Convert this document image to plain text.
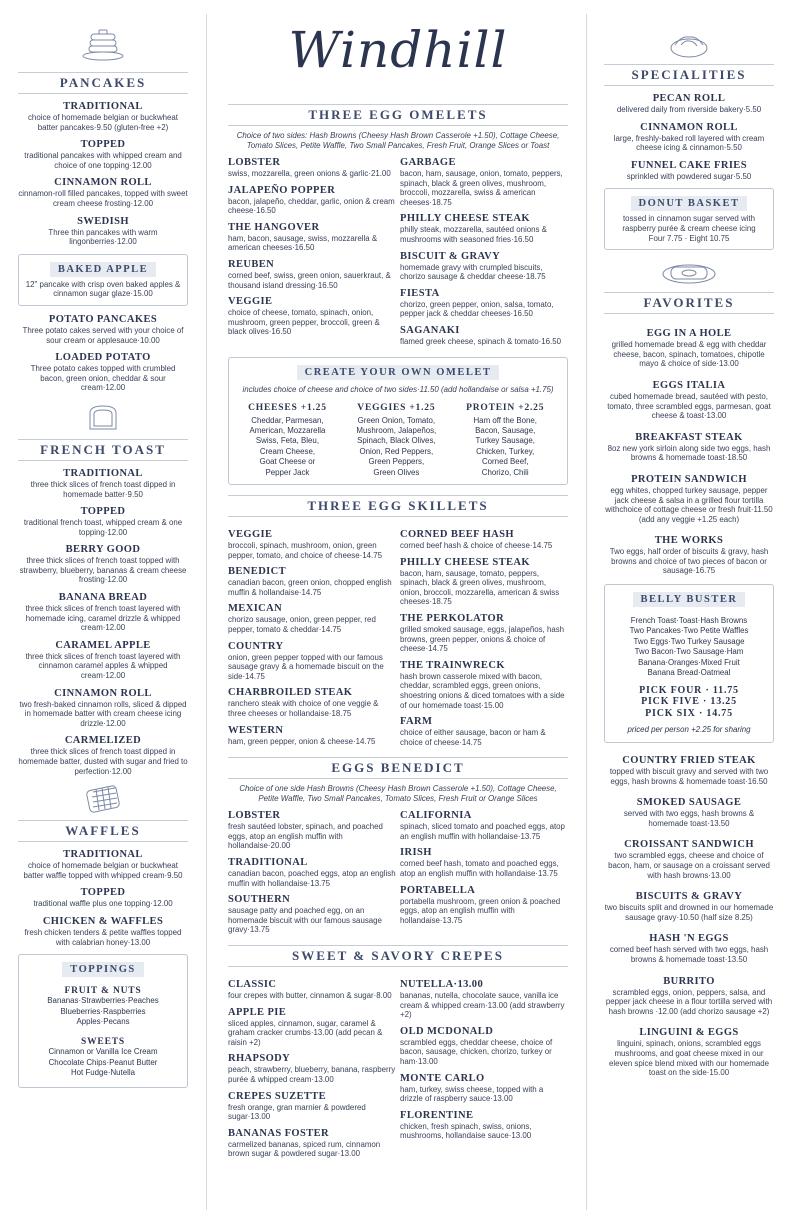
PANCAKES
TRADITIONAL
choice of homemade belgian or buckwheat batter pancakes·9.50 (gluten-free +2)
TOPPED
traditional pancakes with whipped cream and choice of one topping·12.00
CINNAMON ROLL
cinnamon-roll filled pancakes, topped with sweet cream cheese frosting·12.00
SWEDISH
Three thin pancakes with warm lingonberries·12.00
BAKED APPLE
12" pancake with crisp oven baked apples & cinnamon sugar glaze·15.00
POTATO PANCAKES
Three potato cakes served with your choice of sour cream or applesauce·10.00
LOADED POTATO
Three potato cakes topped with crumbled bacon, green onion, cheddar & sour cream·12.00
FRENCH TOAST
TRADITIONAL
three thick slices of french toast dipped in homemade batter·9.50
TOPPED
traditional french toast, whipped cream & one topping·12.00
BERRY GOOD
three thick slices of french toast topped with strawberry, blueberry, bananas & cream cheese frosting·12.00
BANANA BREAD
three thick slices of french toast layered with homemade icing, caramel drizzle & whipped cream·12.00
CARAMEL APPLE
three thick slices of french toast layered with cinnamon caramel apples & whipped cream·12.00
CINNAMON ROLL
two fresh-baked cinnamon rolls, sliced & dipped in homemade batter with cream cheese icing drizzle·12.00
CARMELIZED
three thick slices of french toast dipped in homemade batter, dusted with sugar and fried to perfection·12.00
WAFFLES
TRADITIONAL
choice of homemade belgian or buckwheat batter waffle topped with whipped cream·9.50
TOPPED
traditional waffle plus one topping·12.00
CHICKEN & WAFFLES
fresh chicken tenders & petite waffles topped with calabrian honey·13.00
TOPPINGS
FRUIT & NUTS
Bananas·Strawberries·Peaches
Blueberries·Raspberries
Apples·Pecans
SWEETS
Cinnamon or Vanilla Ice Cream
Chocolate Chips·Peanut Butter
Hot Fudge·Nutella
Windhill
THREE EGG OMELETS
Choice of two sides: Hash Browns (Cheesy Hash Brown Casserole +1.50), Cottage Cheese, Tomato Slices, Petite Waffle, Two Small Pancakes, Fresh Fruit, Orange Slices or Toast
LOBSTER
swiss, mozzarella, green onions & garlic·21.00
JALAPEÑO POPPER
bacon, jalapeño, cheddar, garlic, onion & cream cheese·16.50
THE HANGOVER
ham, bacon, sausage, swiss, mozzarella & american cheeses·16.50
REUBEN
corned beef, swiss, green onion, sauerkraut, & thousand island dressing·16.50
VEGGIE
choice of cheese, tomato, spinach, onion, mushroom, green pepper, broccoli, green & black olives·16.50
GARBAGE
bacon, ham, sausage, onion, tomato, peppers, spinach, black & green olives, mushroom, broccoli, mozzarella, swiss & american cheeses·18.75
PHILLY CHEESE STEAK
philly steak, mozzarella, sautéed onions & mushrooms with seasoned fries·16.50
BISCUIT & GRAVY
homemade gravy with crumpled biscuits, chorizo sausage & cheddar cheese·18.75
FIESTA
chorizo, green pepper, onion, salsa, tomato, pepper jack & cheddar cheeses·16.50
SAGANAKI
flamed greek cheese, spinach & tomato·16.50
CREATE YOUR OWN OMELET
includes choice of cheese and choice of two sides·11.50 (add hollandaise or salsa +1.75)
CHEESES +1.25
Cheddar, Parmesan,
American, Mozzarella
Swiss, Feta, Bleu,
Cream Cheese,
Goat Cheese or
Pepper Jack
VEGGIES +1.25
Green Onion, Tomato,
Mushroom, Jalapeños,
Spinach, Black Olives,
Onion, Red Peppers,
Green Peppers,
Green Olives
PROTEIN +2.25
Ham off the Bone,
Bacon, Sausage,
Turkey Sausage,
Chicken, Turkey,
Corned Beef,
Chorizo, Chili
THREE EGG SKILLETS
VEGGIE
broccoli, spinach, mushroom, onion, green pepper, tomato, and choice of cheese·14.75
BENEDICT
canadian bacon, green onion, chopped english muffin & hollandaise·14.75
MEXICAN
chorizo sausage, onion, green pepper, red pepper, tomato & cheddar·14.75
COUNTRY
onion, green pepper topped with our famous sausage gravy & a homemade biscuit on the side·14.75
CHARBROILED STEAK
ranchero steak with choice of one veggie & three cheeses or hollandaise·18.75
WESTERN
ham, green pepper, onion & cheese·14.75
CORNED BEEF HASH
corned beef hash & choice of cheese·14.75
PHILLY CHEESE STEAK
bacon, ham, sausage, tomato, peppers, spinach, black & green olives, mushroom, onion, broccoli, mozzarella, american & swiss cheeses·18.75
THE PERKOLATOR
grilled smoked sausage, eggs, jalapeños, hash browns, green pepper, onions & choice of cheese·14.75
THE TRAINWRECK
hash brown casserole mixed with bacon, cheddar, scrambled eggs, green onions, shoestring onions & diced tomatoes with a side of our homemade toast·15.00
FARM
choice of either sausage, bacon or ham & choice of cheese·14.75
EGGS BENEDICT
Choice of one side Hash Browns (Cheesy Hash Brown Casserole +1.50), Cottage Cheese, Petite Waffle, Two Small Pancakes, Tomato Slices, Fresh Fruit or Orange Slices
LOBSTER
fresh sautéed lobster, spinach, and poached eggs, atop an english muffin with hollandaise·20.00
TRADITIONAL
canadian bacon, poached eggs, atop an english muffin with hollandaise·13.75
SOUTHERN
sausage patty and poached egg, on an homemade biscuit with our famous sausage gravy·13.75
CALIFORNIA
spinach, sliced tomato and poached eggs, atop an english muffin with hollandaise·13.75
IRISH
corned beef hash, tomato and poached eggs, atop an english muffin with hollandaise·13.75
PORTABELLA
portabella mushroom, green onion & poached eggs, atop an english muffin with hollandaise·13.75
SWEET & SAVORY CREPES
CLASSIC
four crepes with butter, cinnamon & sugar·8.00
APPLE PIE
sliced apples, cinnamon, sugar, caramel & graham cracker crumbs·13.00 (add pecan & raisin +2)
RHAPSODY
peach, strawberry, blueberry, banana, raspberry purée & whipped cream·13.00
CREPES SUZETTE
fresh orange, gran marnier & powdered sugar·13.00
BANANAS FOSTER
carmelized bananas, spiced rum, cinnamon brown sugar & powdered sugar·13.00
NUTELLA·13.00
bananas, nutella, chocolate sauce, vanilla ice cream & whipped cream·13.00 (add strawberry +2)
OLD MCDONALD
scrambled eggs, cheddar cheese, choice of bacon, sausage, chicken, chorizo, turkey or ham·13.00
MONTE CARLO
ham, turkey, swiss cheese, topped with a drizzle of raspberry sauce·13.00
FLORENTINE
chicken, fresh spinach, swiss, onions, mushrooms, hollandaise sauce·13.00
SPECIALITIES
PECAN ROLL
delivered daily from riverside bakery·5.50
CINNAMON ROLL
large, freshly-baked roll layered with cream cheese icing & cinnamon·5.50
FUNNEL CAKE FRIES
sprinkled with powdered sugar·5.50
DONUT BASKET
tossed in cinnamon sugar served with raspberry purée & cream cheese icing Four 7.75 · Eight 10.75
FAVORITES
EGG IN A HOLE
grilled homemade bread & egg with cheddar cheese, bacon, spinach, tomatoes, chipotle mayo & choice of side·13.00
EGGS ITALIA
cubed homemade bread, sautéed with pesto, tomato, three scrambled eggs, parmesan, goat cheese & toast·13.00
BREAKFAST STEAK
8oz new york sirloin along side two eggs, hash browns & homemade toast·18.50
PROTEIN SANDWICH
egg whites, chopped turkey sausage, pepper jack cheese & salsa in a grilled flour tortilla withchoice of cottage cheese or fresh fruit·11.50 (add any veggie +1.25 each)
THE WORKS
Two eggs, half order of biscuits & gravy, hash browns and choice of two pieces of bacon or sausage·16.75
BELLY BUSTER
French Toast·Toast·Hash Browns
Two Pancakes·Two Petite Waffles
Two Eggs·Two Turkey Sausage
Two Bacon·Two Sausage·Ham
Banana·Oranges·Mixed Fruit
Banana Bread·Oatmeal
PICK FOUR · 11.75
PICK FIVE · 13.25
PICK SIX · 14.75
priced per person +2.25 for sharing
COUNTRY FRIED STEAK
topped with biscuit gravy and served with two eggs, hash browns & homemade toast·16.50
SMOKED SAUSAGE
served with two eggs, hash browns & homemade toast·13.50
CROISSANT SANDWICH
two scrambled eggs, cheese and choice of bacon, ham, or sausage on a croissant served with hash browns·13.00
BISCUITS & GRAVY
two biscuits split and drowned in our homemade sausage gravy·10.50 (half size 8.25)
HASH 'N EGGS
corned beef hash served with two eggs, hash browns & homemade toast·13.50
BURRITO
scrambled eggs, onion, peppers, salsa, and pepper jack cheese in a flour tortilla served with hash browns ·12.00 (add chorizo sausage +2)
LINGUINI & EGGS
linguini, spinach, onions, scrambled eggs mushrooms, and goat cheese mixed in our eleven spice blend mixed with our homemade toast on the side·15.00
